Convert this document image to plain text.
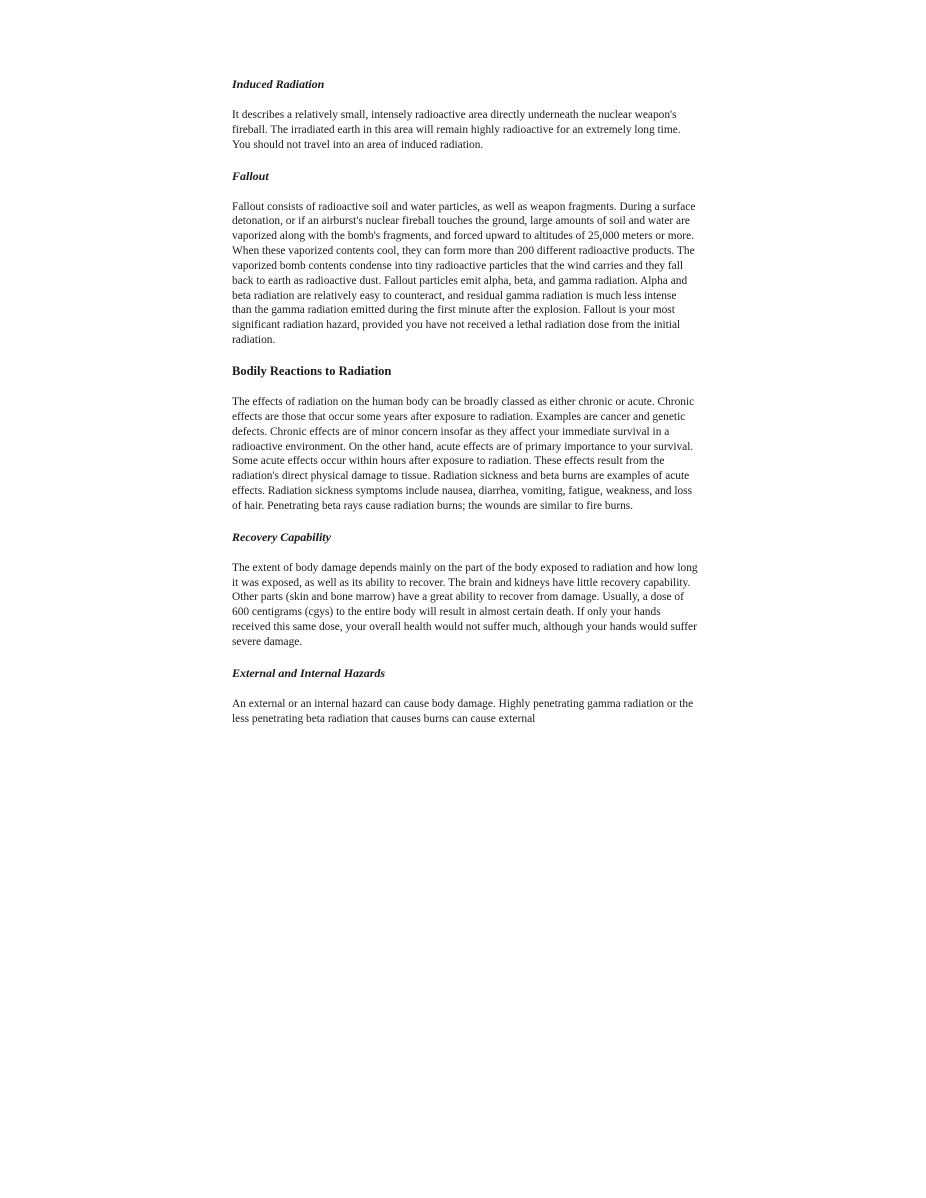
Induced Radiation

It describes a relatively small, intensely radioactive area directly underneath the nuclear weapon's fireball. The irradiated earth in this area will remain highly radioactive for an extremely long time. You should not travel into an area of induced radiation.

Fallout

Fallout consists of radioactive soil and water particles, as well as weapon fragments. During a surface detonation, or if an airburst's nuclear fireball touches the ground, large amounts of soil and water are vaporized along with the bomb's fragments, and forced upward to altitudes of 25,000 meters or more. When these vaporized contents cool, they can form more than 200 different radioactive products. The vaporized bomb contents condense into tiny radioactive particles that the wind carries and they fall back to earth as radioactive dust. Fallout particles emit alpha, beta, and gamma radiation. Alpha and beta radiation are relatively easy to counteract, and residual gamma radiation is much less intense than the gamma radiation emitted during the first minute after the explosion. Fallout is your most significant radiation hazard, provided you have not received a lethal radiation dose from the initial radiation.

Bodily Reactions to Radiation

The effects of radiation on the human body can be broadly classed as either chronic or acute. Chronic effects are those that occur some years after exposure to radiation. Examples are cancer and genetic defects. Chronic effects are of minor concern insofar as they affect your immediate survival in a radioactive environment. On the other hand, acute effects are of primary importance to your survival. Some acute effects occur within hours after exposure to radiation. These effects result from the radiation's direct physical damage to tissue. Radiation sickness and beta burns are examples of acute effects. Radiation sickness symptoms include nausea, diarrhea, vomiting, fatigue, weakness, and loss of hair. Penetrating beta rays cause radiation burns; the wounds are similar to fire burns.

Recovery Capability

The extent of body damage depends mainly on the part of the body exposed to radiation and how long it was exposed, as well as its ability to recover. The brain and kidneys have little recovery capability. Other parts (skin and bone marrow) have a great ability to recover from damage. Usually, a dose of 600 centigrams (cgys) to the entire body will result in almost certain death. If only your hands received this same dose, your overall health would not suffer much, although your hands would suffer severe damage.

External and Internal Hazards

An external or an internal hazard can cause body damage. Highly penetrating gamma radiation or the less penetrating beta radiation that causes burns can cause external
